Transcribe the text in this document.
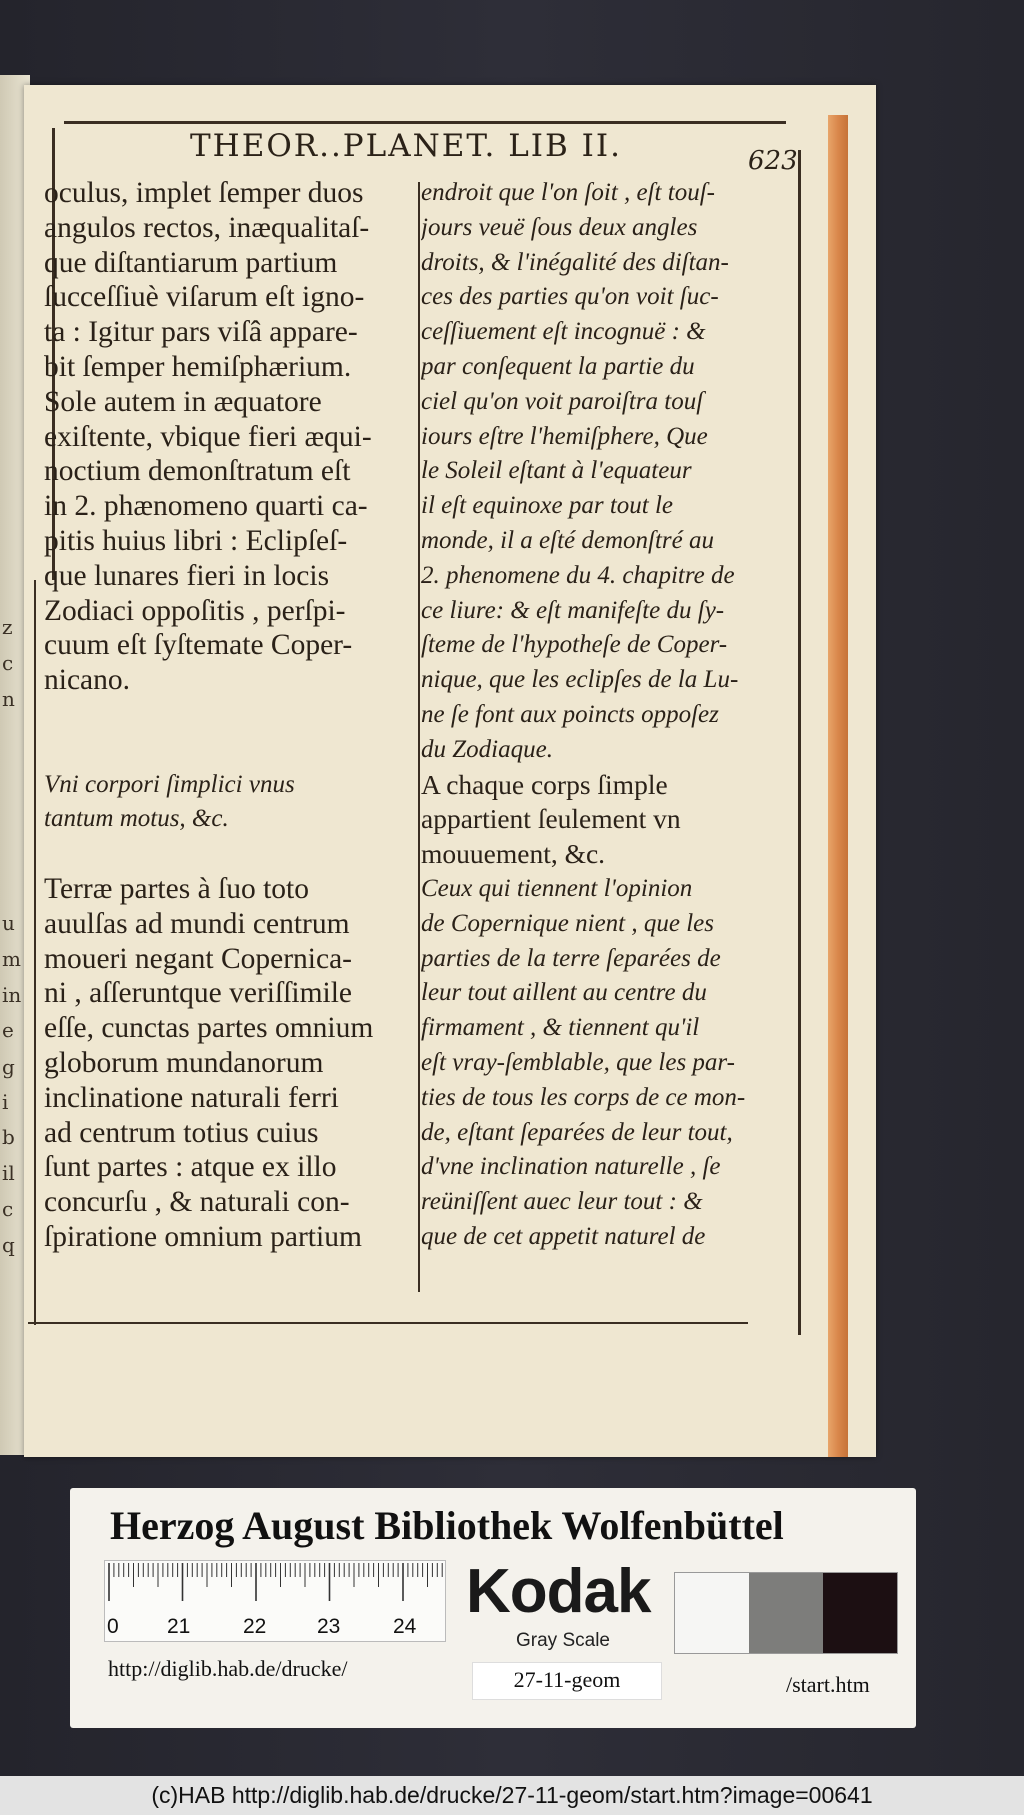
z
c
n
u
m
in
e
g
i
b
il
c
q
THEOR..PLANET. LIB II.	623
oculus, implet ſemper duos
angulos rectos, inæqualitaſ-
que diſtantiarum partium
ſucceſſiuè viſarum eſt igno-
ta : Igitur pars viſâ appare-
bit ſemper hemiſphærium.
Sole autem in æquatore
exiſtente, vbique fieri æqui-
noctium demonſtratum eſt
in 2. phænomeno quarti ca-
pitis huius libri : Eclipſeſ-
que lunares fieri in locis
Zodiaci oppoſitis , perſpi-
cuum eſt ſyſtemate Coper-
nicano.
Vni corpori ſimplici vnus
tantum motus, &c.
Terræ partes à ſuo toto
auulſas ad mundi centrum
moueri negant Copernica-
ni , aſſeruntque veriſſimile
eſſe, cunctas partes omnium
globorum mundanorum
inclinatione naturali ferri
ad centrum totius cuius
ſunt partes : atque ex illo
concurſu , & naturali con-
ſpiratione omnium partium
endroit que l'on ſoit , eſt touſ-
jours veuë ſous deux angles
droits, & l'inégalité des diſtan-
ces des parties qu'on voit ſuc-
ceſſiuement eſt incognuë : &
par conſequent la partie du
ciel qu'on voit paroiſtra touſ
iours eſtre l'hemiſphere, Que
le Soleil eſtant à l'equateur
il eſt equinoxe par tout le
monde, il a eſté demonſtré au
2. phenomene du 4. chapitre de
ce liure: & eſt manifeſte du ſy-
ſteme de l'hypotheſe de Coper-
nique, que les eclipſes de la Lu-
ne ſe font aux poincts oppoſez
du Zodiaque.
A chaque corps ſimple
appartient ſeulement vn
mouuement, &c.
Ceux qui tiennent l'opinion
de Copernique nient , que les
parties de la terre ſeparées de
leur tout aillent au centre du
firmament , & tiennent qu'il
eſt vray-ſemblable, que les par-
ties de tous les corps de ce mon-
de, eſtant ſeparées de leur tout,
d'vne inclination naturelle , ſe
reüniſſent auec leur tout : &
que de cet appetit naturel de
Herzog August Bibliothek Wolfenbüttel
0 21	22 23	24
Kodak
Gray Scale
http://diglib.hab.de/drucke/	27-11-geom	/start.htm
(c)HAB http://diglib.hab.de/drucke/27-11-geom/start.htm?image=00641
